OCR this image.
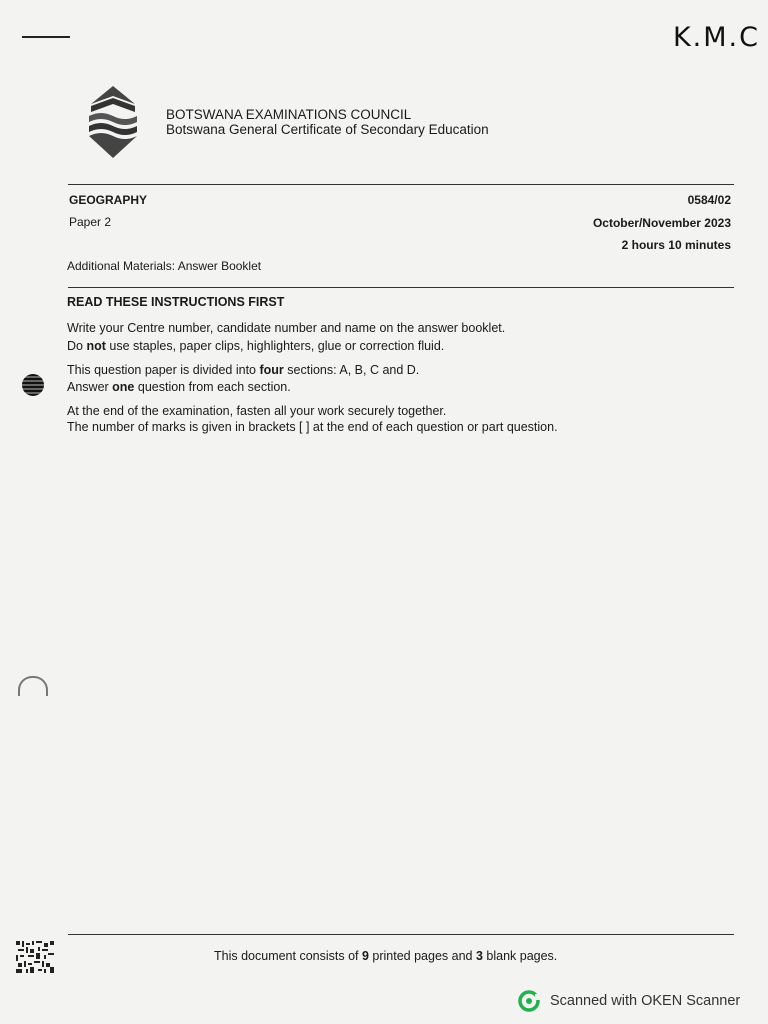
K.M.C
BOTSWANA EXAMINATIONS COUNCIL
Botswana General Certificate of Secondary Education
GEOGRAPHY
Paper 2
0584/02
October/November 2023
2 hours 10 minutes
Additional Materials: Answer Booklet
READ THESE INSTRUCTIONS FIRST
Write your Centre number, candidate number and name on the answer booklet.
Do not use staples, paper clips, highlighters, glue or correction fluid.
This question paper is divided into four sections: A, B, C and D.
Answer one question from each section.
At the end of the examination, fasten all your work securely together.
The number of marks is given in brackets [ ] at the end of each question or part question.
This document consists of 9 printed pages and 3 blank pages.
Scanned with OKEN Scanner
